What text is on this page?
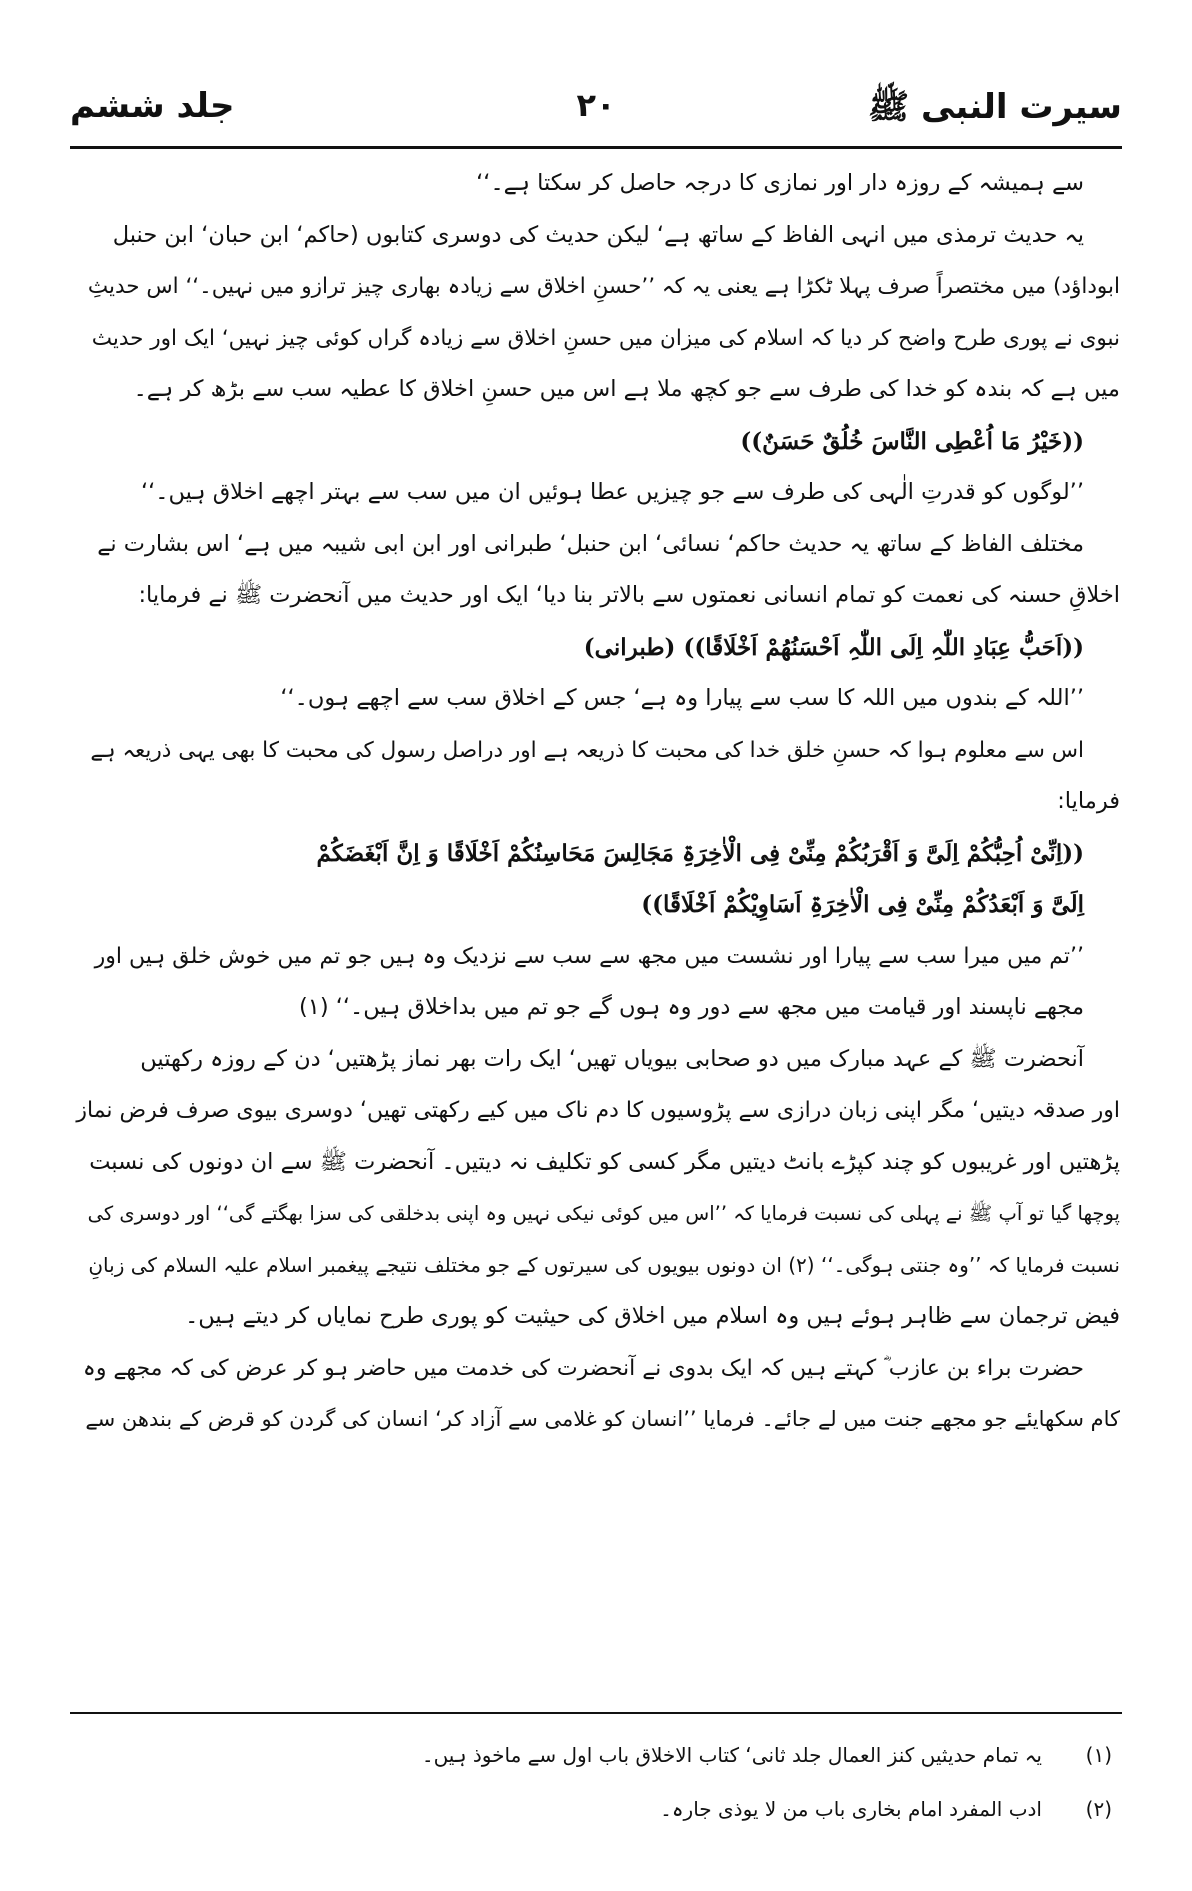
سیرت النبی ﷺ
۲۰
جلد ششم
سے ہمیشہ کے روزہ دار اور نمازی کا درجہ حاصل کر سکتا ہے۔‘‘
یہ حدیث ترمذی میں انہی الفاظ کے ساتھ ہے‘ لیکن حدیث کی دوسری کتابوں (حاکم‘ ابن حبان‘ ابن حنبل
ابوداؤد) میں مختصراً صرف پہلا ٹکڑا ہے یعنی یہ کہ ’’حسنِ اخلاق سے زیادہ بھاری چیز ترازو میں نہیں۔‘‘ اس حدیثِ
نبوی نے پوری طرح واضح کر دیا کہ اسلام کی میزان میں حسنِ اخلاق سے زیادہ گراں کوئی چیز نہیں‘ ایک اور حدیث
میں ہے کہ بندہ کو خدا کی طرف سے جو کچھ ملا ہے اس میں حسنِ اخلاق کا عطیہ سب سے بڑھ کر ہے۔
((خَیْرُ مَا اُعْطِی النَّاسَ خُلُقٌ حَسَنٌ))
’’لوگوں کو قدرتِ الٰہی کی طرف سے جو چیزیں عطا ہوئیں ان میں سب سے بہتر اچھے اخلاق ہیں۔‘‘
مختلف الفاظ کے ساتھ یہ حدیث حاکم‘ نسائی‘ ابن حنبل‘ طبرانی اور ابن ابی شیبہ میں ہے‘ اس بشارت نے
اخلاقِ حسنہ کی نعمت کو تمام انسانی نعمتوں سے بالاتر بنا دیا‘ ایک اور حدیث میں آنحضرت ﷺ نے فرمایا:
((اَحَبُّ عِبَادِ اللّٰہِ اِلَی اللّٰہِ اَحْسَنُھُمْ اَخْلَاقًا)) (طبرانی)
’’اللہ کے بندوں میں اللہ کا سب سے پیارا وہ ہے‘ جس کے اخلاق سب سے اچھے ہوں۔‘‘
اس سے معلوم ہوا کہ حسنِ خلق خدا کی محبت کا ذریعہ ہے اور دراصل رسول کی محبت کا بھی یہی ذریعہ ہے
فرمایا:
((اِنِّیْ اُحِبُّکُمْ اِلَیَّ وَ اَقْرَبُکُمْ مِنِّیْ فِی الْاٰخِرَۃِ مَجَالِسَ مَحَاسِنُکُمْ اَخْلَاقًا وَ اِنَّ اَبْغَضَکُمْ
اِلَیَّ وَ اَبْعَدُکُمْ مِنِّیْ فِی الْاٰخِرَۃِ اَسَاوِیْکُمْ اَخْلَاقًا))
’’تم میں میرا سب سے پیارا اور نشست میں مجھ سے سب سے نزدیک وہ ہیں جو تم میں خوش خلق ہیں اور
مجھے ناپسند اور قیامت میں مجھ سے دور وہ ہوں گے جو تم میں بداخلاق ہیں۔‘‘ (۱)
آنحضرت ﷺ کے عہد مبارک میں دو صحابی بیویاں تھیں‘ ایک رات بھر نماز پڑھتیں‘ دن کے روزہ رکھتیں
اور صدقہ دیتیں‘ مگر اپنی زبان درازی سے پڑوسیوں کا دم ناک میں کیے رکھتی تھیں‘ دوسری بیوی صرف فرض نماز
پڑھتیں اور غریبوں کو چند کپڑے بانٹ دیتیں مگر کسی کو تکلیف نہ دیتیں۔ آنحضرت ﷺ سے ان دونوں کی نسبت
پوچھا گیا تو آپ ﷺ نے پہلی کی نسبت فرمایا کہ ’’اس میں کوئی نیکی نہیں وہ اپنی بدخلقی کی سزا بھگتے گی‘‘ اور دوسری کی
نسبت فرمایا کہ ’’وہ جنتی ہوگی۔‘‘ (۲) ان دونوں بیویوں کی سیرتوں کے جو مختلف نتیجے پیغمبر اسلام علیہ السلام کی زبانِ
فیض ترجمان سے ظاہر ہوئے ہیں وہ اسلام میں اخلاق کی حیثیت کو پوری طرح نمایاں کر دیتے ہیں۔
حضرت براء بن عازب ؓ کہتے ہیں کہ ایک بدوی نے آنحضرت کی خدمت میں حاضر ہو کر عرض کی کہ مجھے وہ
کام سکھایئے جو مجھے جنت میں لے جائے۔ فرمایا ’’انسان کو غلامی سے آزاد کر‘ انسان کی گردن کو قرض کے بندھن سے
(۱)
یہ تمام حدیثیں کنز العمال جلد ثانی‘ کتاب الاخلاق باب اول سے ماخوذ ہیں۔
(۲)
ادب المفرد امام بخاری باب من لا یوذی جارہ۔
